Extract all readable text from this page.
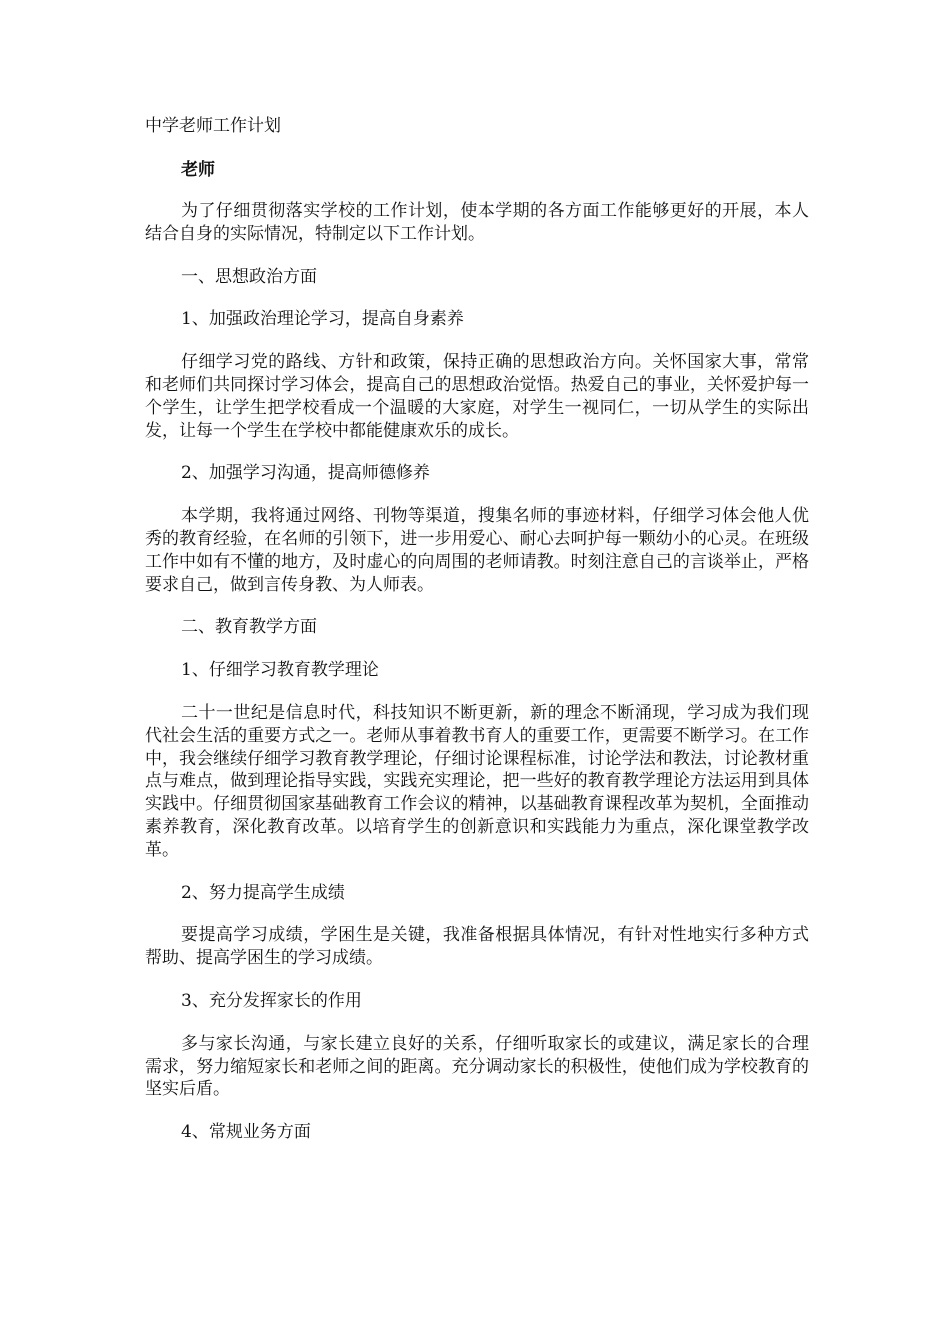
中学老师工作计划
老师
为了仔细贯彻落实学校的工作计划，使本学期的各方面工作能够更好的开展，本人结合自身的实际情况，特制定以下工作计划。
一、思想政治方面
1、加强政治理论学习，提高自身素养
仔细学习党的路线、方针和政策，保持正确的思想政治方向。关怀国家大事，常常和老师们共同探讨学习体会，提高自己的思想政治觉悟。热爱自己的事业，关怀爱护每一个学生，让学生把学校看成一个温暖的大家庭，对学生一视同仁，一切从学生的实际出发，让每一个学生在学校中都能健康欢乐的成长。
2、加强学习沟通，提高师德修养
本学期，我将通过网络、刊物等渠道，搜集名师的事迹材料，仔细学习体会他人优秀的教育经验，在名师的引领下，进一步用爱心、耐心去呵护每一颗幼小的心灵。在班级工作中如有不懂的地方，及时虚心的向周围的老师请教。时刻注意自己的言谈举止，严格要求自己，做到言传身教、为人师表。
二、教育教学方面
1、仔细学习教育教学理论
二十一世纪是信息时代，科技知识不断更新，新的理念不断涌现，学习成为我们现代社会生活的重要方式之一。老师从事着教书育人的重要工作，更需要不断学习。在工作中，我会继续仔细学习教育教学理论，仔细讨论课程标准，讨论学法和教法，讨论教材重点与难点，做到理论指导实践，实践充实理论，把一些好的教育教学理论方法运用到具体实践中。仔细贯彻国家基础教育工作会议的精神，以基础教育课程改革为契机，全面推动素养教育，深化教育改革。以培育学生的创新意识和实践能力为重点，深化课堂教学改革。
2、努力提高学生成绩
要提高学习成绩，学困生是关键，我准备根据具体情况，有针对性地实行多种方式帮助、提高学困生的学习成绩。
3、充分发挥家长的作用
多与家长沟通，与家长建立良好的关系，仔细听取家长的或建议，满足家长的合理需求，努力缩短家长和老师之间的距离。充分调动家长的积极性，使他们成为学校教育的坚实后盾。
4、常规业务方面
